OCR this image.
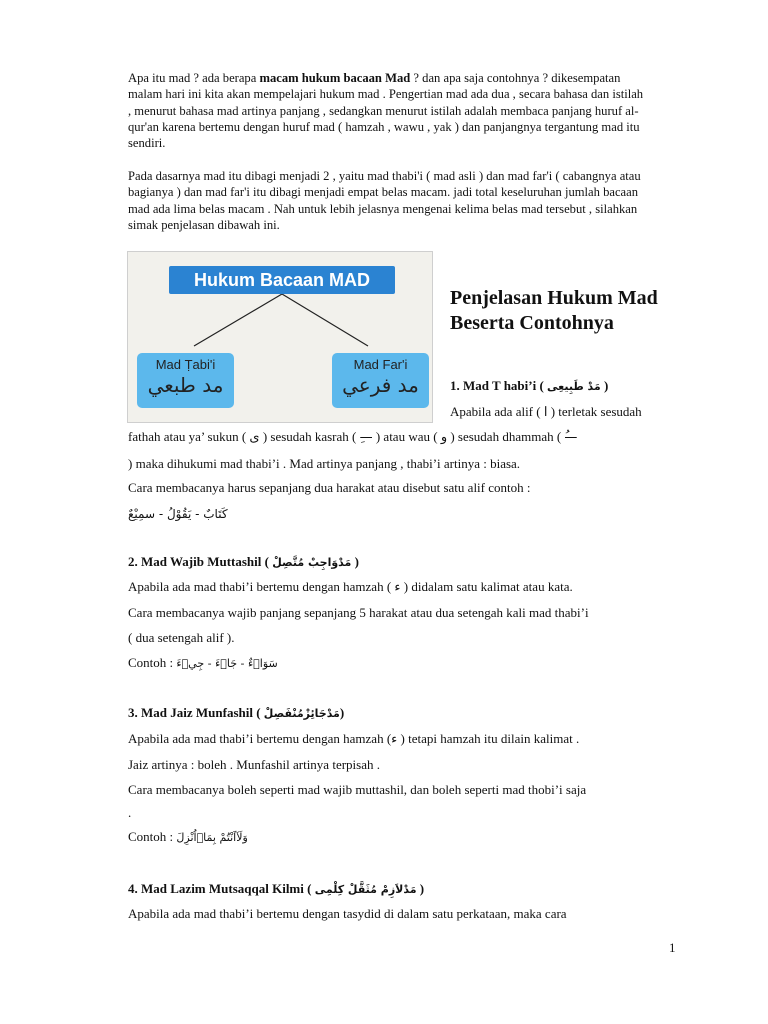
Apa itu mad ? ada berapa macam hukum bacaan Mad ? dan apa saja contohnya ? dikesempatan malam hari ini kita akan mempelajari hukum mad . Pengertian mad ada dua , secara bahasa dan istilah , menurut bahasa mad artinya panjang , sedangkan menurut istilah adalah membaca panjang huruf al-qur'an karena bertemu dengan huruf mad ( hamzah , wawu , yak ) dan panjangnya tergantung mad itu sendiri.

Pada dasarnya mad itu dibagi menjadi 2 , yaitu mad thabi'i ( mad asli ) dan mad far'i ( cabangnya atau bagianya ) dan mad far'i itu dibagi menjadi empat belas macam. jadi total keseluruhan jumlah bacaan mad ada lima belas macam . Nah untuk lebih jelasnya mengenai kelima belas mad tersebut , silahkan simak penjelasan dibawah ini.

Hukum Bacaan MAD
Mad Ṭabi'i
مد طبعي
Mad Far'i
مد فرعي
Penjelasan Hukum Mad Beserta Contohnya
1. Mad T habi’i ( مَدْ طَبِيعِى )
Apabila ada alif ( ا ) terletak sesudah
fathah atau ya’ sukun ( ى ) sesudah kasrah ( —ِ ) atau wau ( و ) sesudah dhammah ( —ُ
) maka dihukumi mad thabi’i . Mad artinya panjang , thabi’i artinya : biasa.
Cara membacanya harus sepanjang dua harakat atau disebut satu alif contoh :
كَتَابٌ - يَقُوْلُ - سمِيْعٌ
2. Mad Wajib Muttashil ( مَدْوَاجِبْ مُتَّصِلْ )
Apabila ada mad thabi’i bertemu dengan hamzah ( ء ) didalam satu kalimat atau kata.
Cara membacanya wajib panjang sepanjang 5 harakat atau dua setengah kali mad thabi’i
( dua setengah alif ).
Contoh : سَوَاۤءٌ - جَاۤءَ - جِيۤءَ
3. Mad Jaiz Munfashil ( مَدْجَائِزْمُنْفَصِلْ)
Apabila ada mad thabi’i bertemu dengan hamzah (ء ) tetapi hamzah itu dilain kalimat .
Jaiz artinya : boleh . Munfashil artinya terpisah .
Cara membacanya boleh seperti mad wajib muttashil, dan boleh seperti mad thobi’i saja
.
Contoh : وَلَآاَنْتُمْ بِمَاۤاُنْزِلَ
4. Mad Lazim Mutsaqqal Kilmi ( مَدْلاَزِمْ مُثَقَّلْ كِلْمِى )
Apabila ada mad thabi’i bertemu dengan tasydid di dalam satu perkataan, maka cara
1
